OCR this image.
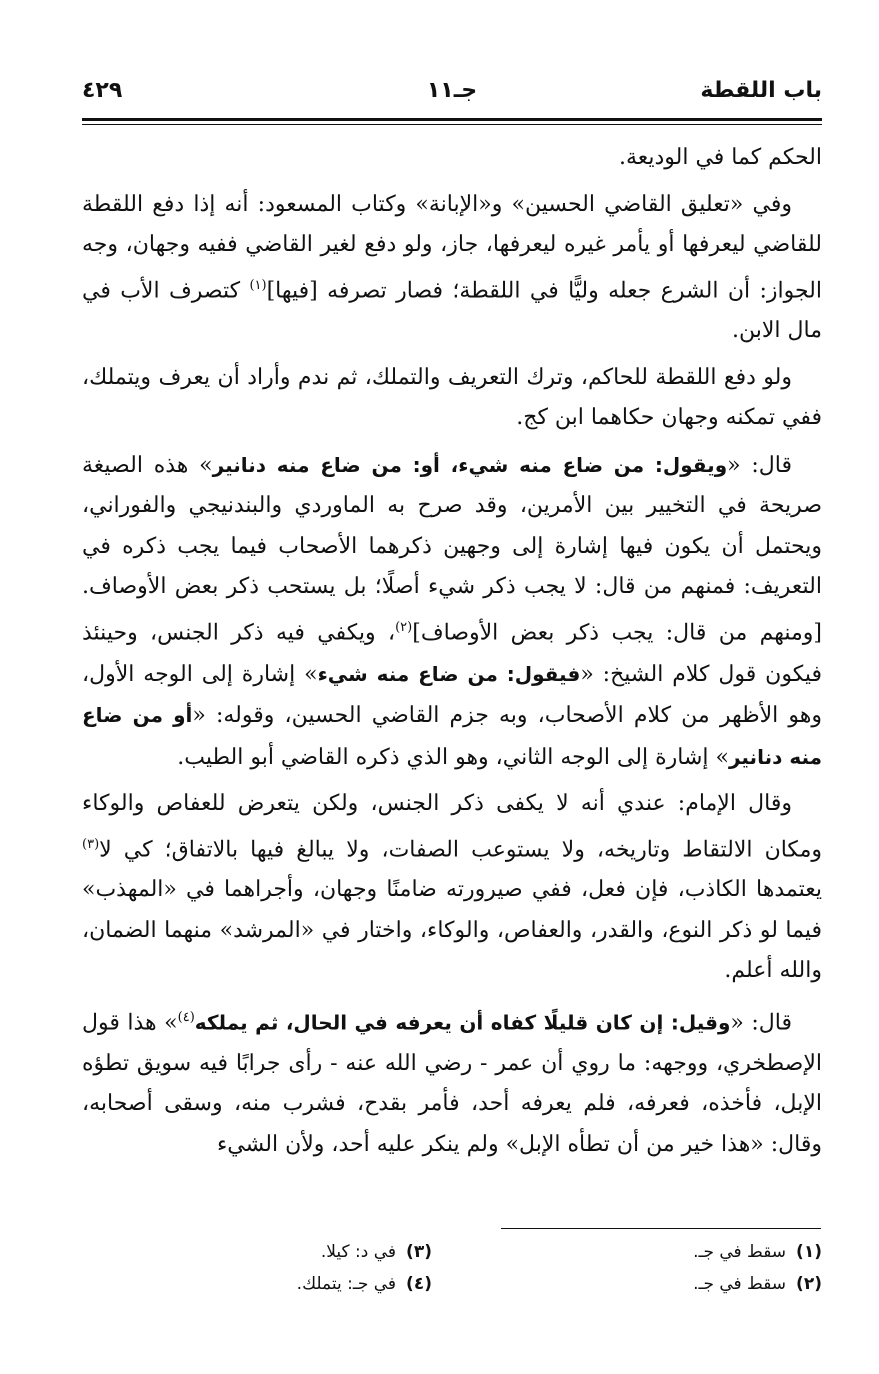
باب اللقطة
جـ١١
٤٢٩

الحكم كما في الوديعة.

وفي «تعليق القاضي الحسين» و«الإبانة» وكتاب المسعود: أنه إذا دفع اللقطة للقاضي ليعرفها أو يأمر غيره ليعرفها، جاز، ولو دفع لغير القاضي ففيه وجهان، وجه الجواز: أن الشرع جعله وليًّا في اللقطة؛ فصار تصرفه [فيها]$^{(١)}$ كتصرف الأب في مال الابن.

ولو دفع اللقطة للحاكم، وترك التعريف والتملك، ثم ندم وأراد أن يعرف ويتملك، ففي تمكنه وجهان حكاهما ابن كج.

قال: «ويقول: من ضاع منه شيء، أو: من ضاع منه دنانير» هذه الصيغة صريحة في التخيير بين الأمرين، وقد صرح به الماوردي والبندنيجي والفوراني، ويحتمل أن يكون فيها إشارة إلى وجهين ذكرهما الأصحاب فيما يجب ذكره في التعريف: فمنهم من قال: لا يجب ذكر شيء أصلًا؛ بل يستحب ذكر بعض الأوصاف. [ومنهم من قال: يجب ذكر بعض الأوصاف]$^{(٢)}$، ويكفي فيه ذكر الجنس، وحينئذ فيكون قول كلام الشيخ: «فيقول: من ضاع منه شيء» إشارة إلى الوجه الأول، وهو الأظهر من كلام الأصحاب، وبه جزم القاضي الحسين، وقوله: «أو من ضاع منه دنانير» إشارة إلى الوجه الثاني، وهو الذي ذكره القاضي أبو الطيب.

وقال الإمام: عندي أنه لا يكفى ذكر الجنس، ولكن يتعرض للعفاص والوكاء ومكان الالتقاط وتاريخه، ولا يستوعب الصفات، ولا يبالغ فيها بالاتفاق؛ كي لا$^{(٣)}$ يعتمدها الكاذب، فإن فعل، ففي صيرورته ضامنًا وجهان، وأجراهما في «المهذب» فيما لو ذكر النوع، والقدر، والعفاص، والوكاء، واختار في «المرشد» منهما الضمان، والله أعلم.

قال: «وقيل: إن كان قليلًا كفاه أن يعرفه في الحال، ثم يملكه$^{(٤)}$» هذا قول الإصطخري، ووجهه: ما روي أن عمر - رضي الله عنه - رأى جرابًا فيه سويق تطؤه الإبل، فأخذه، فعرفه، فلم يعرفه أحد، فأمر بقدح، فشرب منه، وسقى أصحابه، وقال: «هذا خير من أن تطأه الإبل» ولم ينكر عليه أحد، ولأن الشيء

(١)سقط في جـ.
(٢)سقط في جـ.
(٣)في د: كيلا.
(٤)في جـ: يتملك.
